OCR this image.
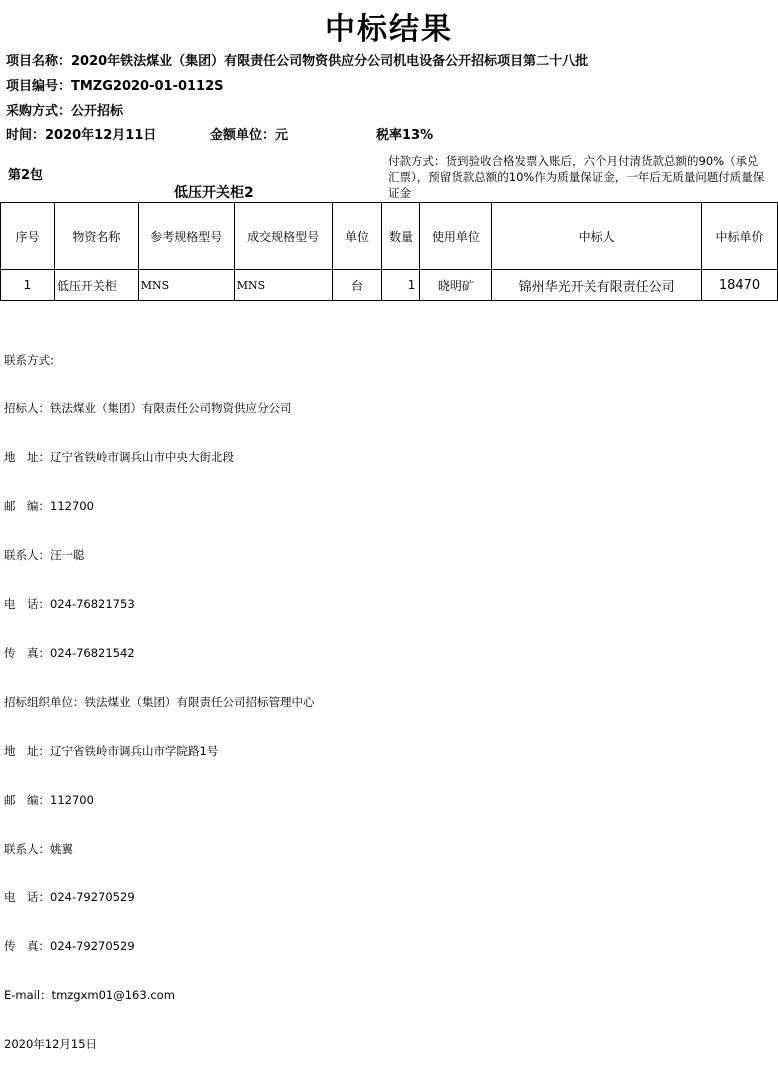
中标结果
项目名称：2020年铁法煤业（集团）有限责任公司物资供应分公司机电设备公开招标项目第二十八批
项目编号：TMZG2020-01-0112S
采购方式：公开招标
时间：2020年12月11日	金额单位：元	税率13%
第2包
低压开关柜2
付款方式：货到验收合格发票入账后，六个月付清货款总额的90%（承兑汇票），预留货款总额的10%作为质量保证金，一年后无质量问题付质量保证金
序号	物资名称	参考规格型号	成交规格型号	单位	数量	使用单位	中标人	中标单价
1	低压开关柜	MNS	MNS	台	1	晓明矿	锦州华光开关有限责任公司	18470

联系方式:

招标人：铁法煤业（集团）有限责任公司物资供应分公司

地　址：辽宁省铁岭市调兵山市中央大街北段

邮　编：112700

联系人：汪一聪

电　话：024-76821753

传　真：024-76821542

招标组织单位：铁法煤业（集团）有限责任公司招标管理中心

地　址：辽宁省铁岭市调兵山市学院路1号

邮　编：112700

联系人：姚翼

电　话：024-79270529

传　真：024-79270529

E-mail：tmzgxm01@163.com

2020年12月15日
